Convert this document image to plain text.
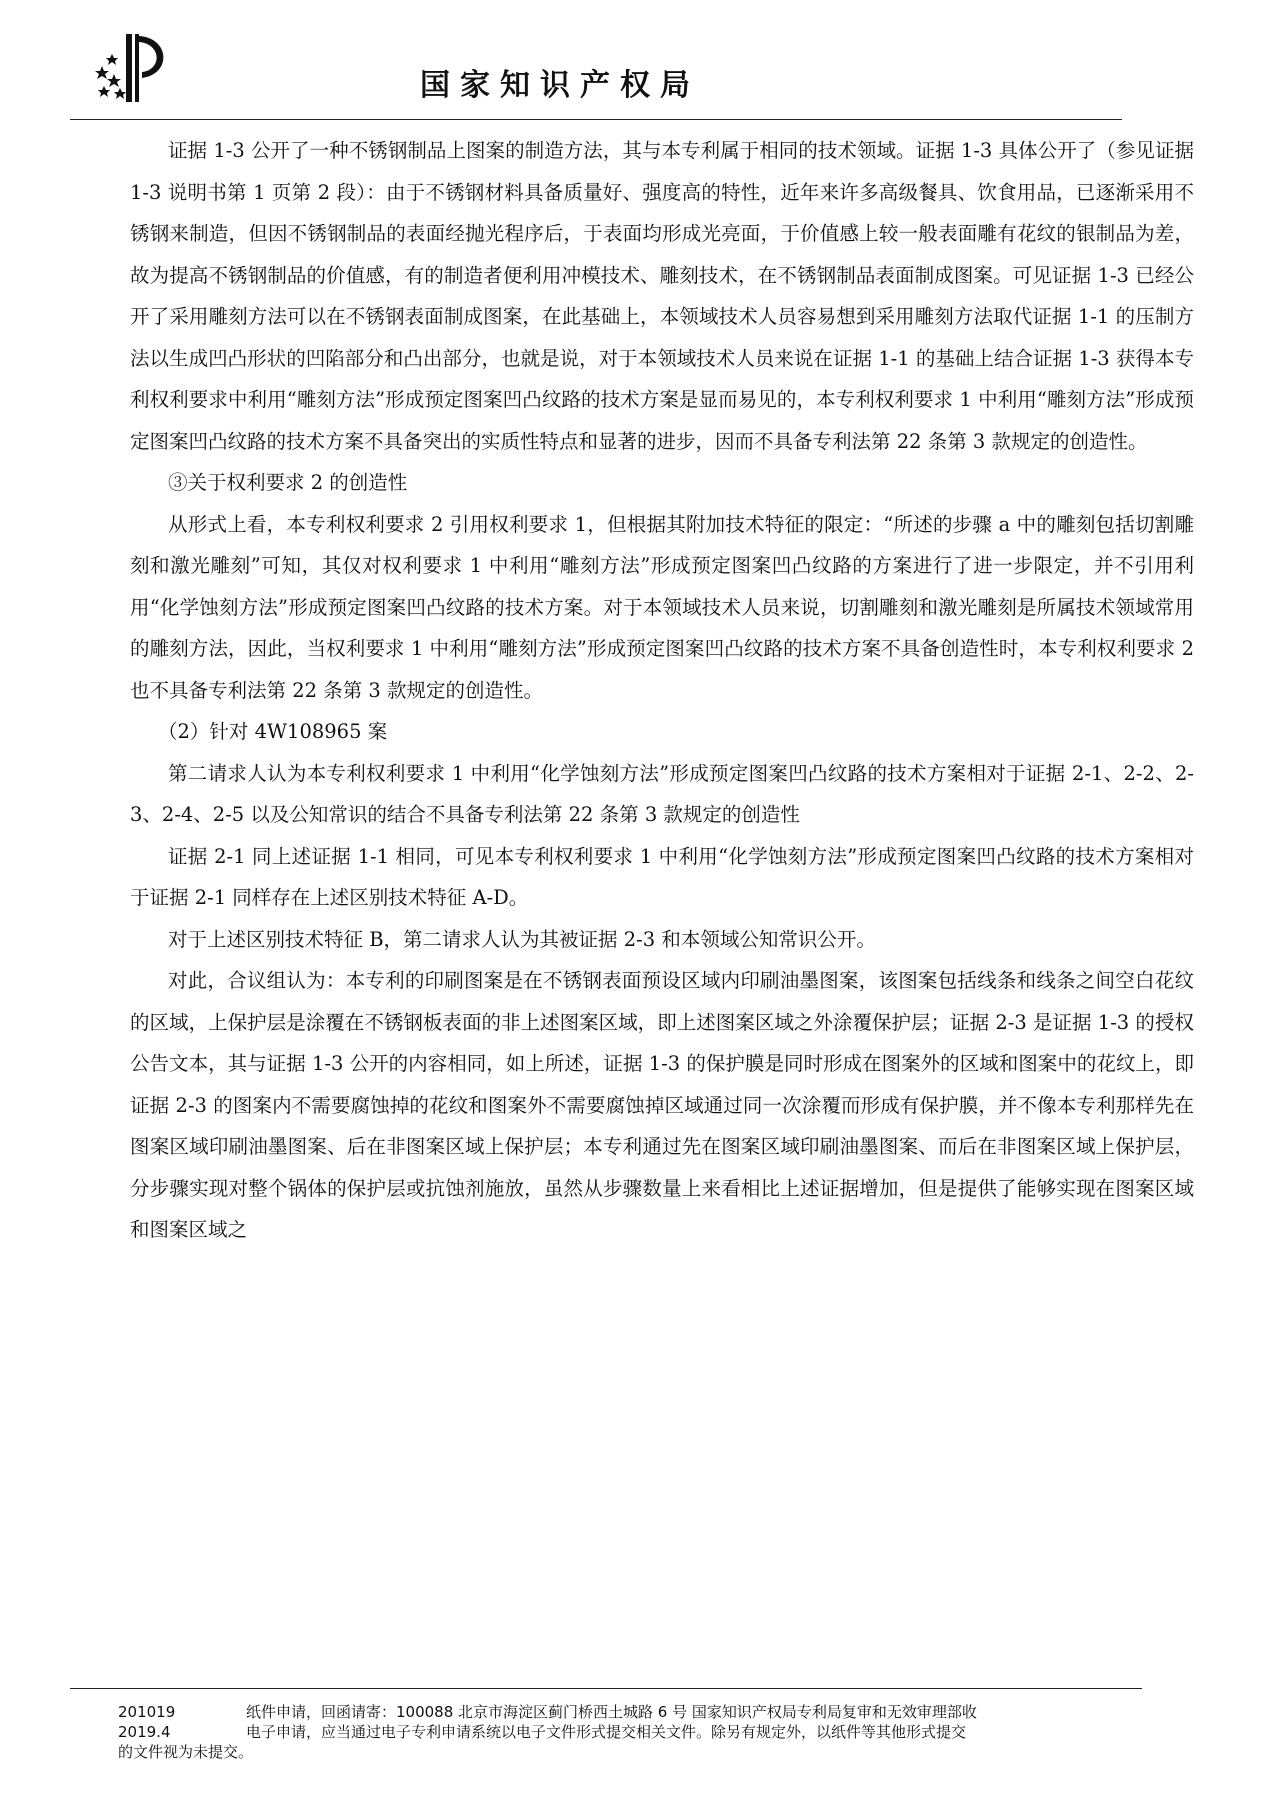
国家知识产权局

证据 1-3 公开了一种不锈钢制品上图案的制造方法，其与本专利属于相同的技术领域。证据 1-3 具体公开了（参见证据 1-3 说明书第 1 页第 2 段）：由于不锈钢材料具备质量好、强度高的特性，近年来许多高级餐具、饮食用品，已逐渐采用不锈钢来制造，但因不锈钢制品的表面经抛光程序后，于表面均形成光亮面，于价值感上较一般表面雕有花纹的银制品为差，故为提高不锈钢制品的价值感，有的制造者便利用冲模技术、雕刻技术，在不锈钢制品表面制成图案。可见证据 1-3 已经公开了采用雕刻方法可以在不锈钢表面制成图案，在此基础上，本领域技术人员容易想到采用雕刻方法取代证据 1-1 的压制方法以生成凹凸形状的凹陷部分和凸出部分，也就是说，对于本领域技术人员来说在证据 1-1 的基础上结合证据 1-3 获得本专利权利要求中利用“雕刻方法”形成预定图案凹凸纹路的技术方案是显而易见的，本专利权利要求 1 中利用“雕刻方法”形成预定图案凹凸纹路的技术方案不具备突出的实质性特点和显著的进步，因而不具备专利法第 22 条第 3 款规定的创造性。

③关于权利要求 2 的创造性

从形式上看，本专利权利要求 2 引用权利要求 1，但根据其附加技术特征的限定：“所述的步骤 a 中的雕刻包括切割雕刻和激光雕刻”可知，其仅对权利要求 1 中利用“雕刻方法”形成预定图案凹凸纹路的方案进行了进一步限定，并不引用利用“化学蚀刻方法”形成预定图案凹凸纹路的技术方案。对于本领域技术人员来说，切割雕刻和激光雕刻是所属技术领域常用的雕刻方法，因此，当权利要求 1 中利用“雕刻方法”形成预定图案凹凸纹路的技术方案不具备创造性时，本专利权利要求 2 也不具备专利法第 22 条第 3 款规定的创造性。

（2）针对 4W108965 案

第二请求人认为本专利权利要求 1 中利用“化学蚀刻方法”形成预定图案凹凸纹路的技术方案相对于证据 2-1、2-2、2-3、2-4、2-5 以及公知常识的结合不具备专利法第 22 条第 3 款规定的创造性

证据 2-1 同上述证据 1-1 相同，可见本专利权利要求 1 中利用“化学蚀刻方法”形成预定图案凹凸纹路的技术方案相对于证据 2-1 同样存在上述区别技术特征 A-D。

对于上述区别技术特征 B，第二请求人认为其被证据 2-3 和本领域公知常识公开。

对此，合议组认为：本专利的印刷图案是在不锈钢表面预设区域内印刷油墨图案，该图案包括线条和线条之间空白花纹的区域，上保护层是涂覆在不锈钢板表面的非上述图案区域，即上述图案区域之外涂覆保护层；证据 2-3 是证据 1-3 的授权公告文本，其与证据 1-3 公开的内容相同，如上所述，证据 1-3 的保护膜是同时形成在图案外的区域和图案中的花纹上，即证据 2-3 的图案内不需要腐蚀掉的花纹和图案外不需要腐蚀掉区域通过同一次涂覆而形成有保护膜，并不像本专利那样先在图案区域印刷油墨图案、后在非图案区域上保护层；本专利通过先在图案区域印刷油墨图案、而后在非图案区域上保护层，分步骤实现对整个锅体的保护层或抗蚀剂施放，虽然从步骤数量上来看相比上述证据增加，但是提供了能够实现在图案区域和图案区域之

201019	纸件申请，回函请寄：100088 北京市海淀区蓟门桥西土城路 6 号 国家知识产权局专利局复审和无效审理部收
2019.4	电子申请，应当通过电子专利申请系统以电子文件形式提交相关文件。除另有规定外，以纸件等其他形式提交
的文件视为未提交。
